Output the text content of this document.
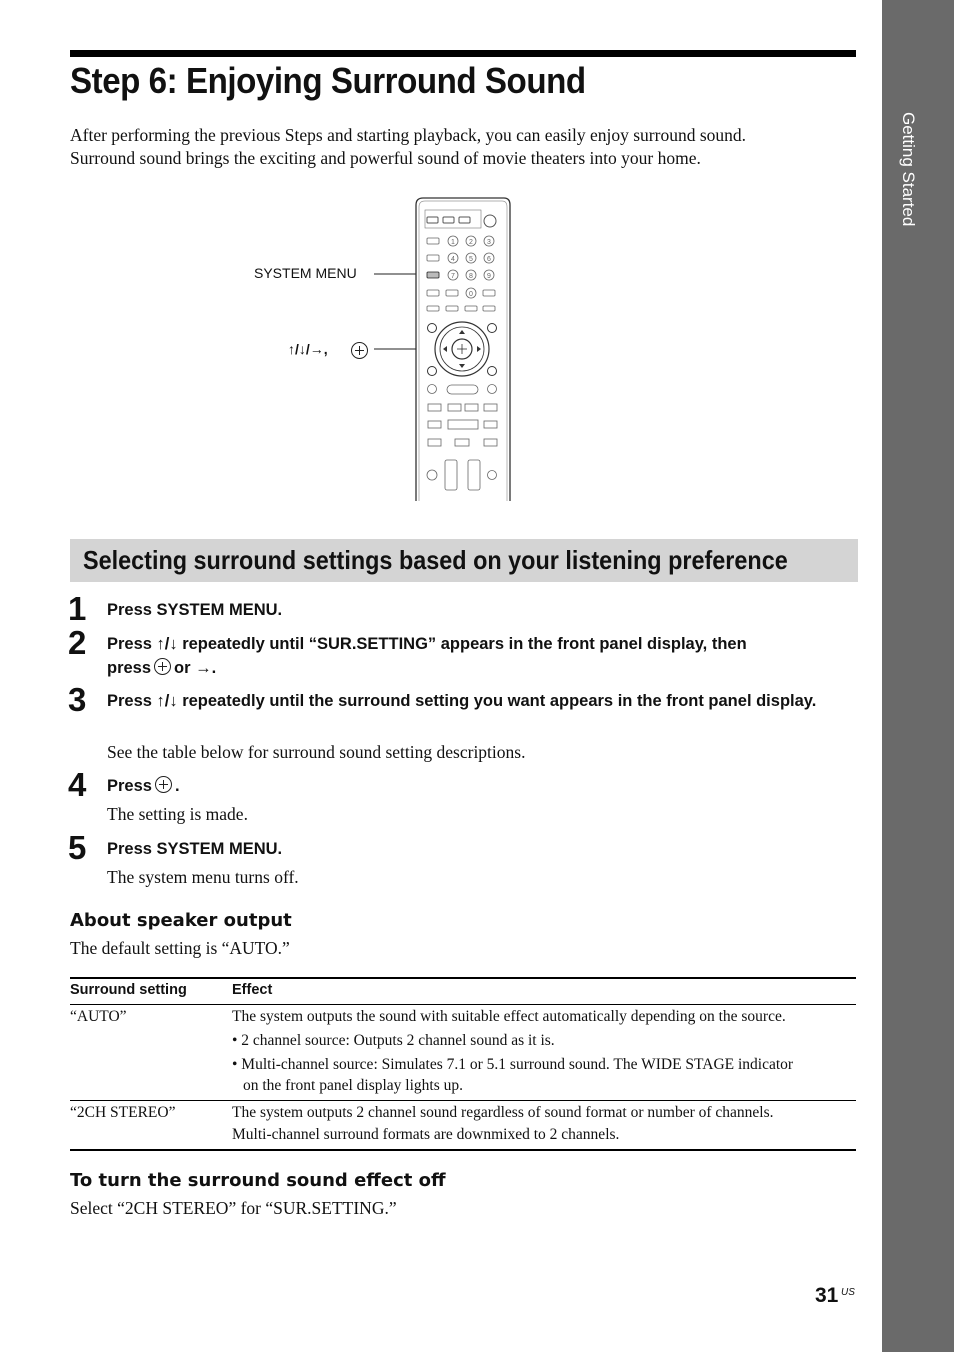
Getting Started
Step 6: Enjoying Surround Sound

After performing the previous Steps and starting playback, you can easily enjoy surround sound.

Surround sound brings the exciting and powerful sound of movie theaters into your home.

SYSTEM MENU
↑/↓/→,
1 2 3
4 5 6
7 8 9
0
Selecting surround settings based on your listening preference
1 Press SYSTEM MENU.
2 Press ↑/↓ repeatedly until “SUR.SETTING” appears in the front panel display, then
press or →.
3 Press ↑/↓ repeatedly until the surround setting you want appears in the front panel display.
See the table below for surround sound setting descriptions.
4 Press .
The setting is made.
5 Press SYSTEM MENU.
The system menu turns off.
About speaker output
The default setting is “AUTO.”
Surround setting	Effect
“AUTO”	The system outputs the sound with suitable effect automatically depending on the source.
• 2 channel source: Outputs 2 channel sound as it is.
• Multi-channel source: Simulates 7.1 or 5.1 surround sound. The WIDE STAGE indicator
on the front panel display lights up.
“2CH STEREO”	The system outputs 2 channel sound regardless of sound format or number of channels.
Multi-channel surround formats are downmixed to 2 channels.
To turn the surround sound effect off
Select “2CH STEREO” for “SUR.SETTING.”
31 US
